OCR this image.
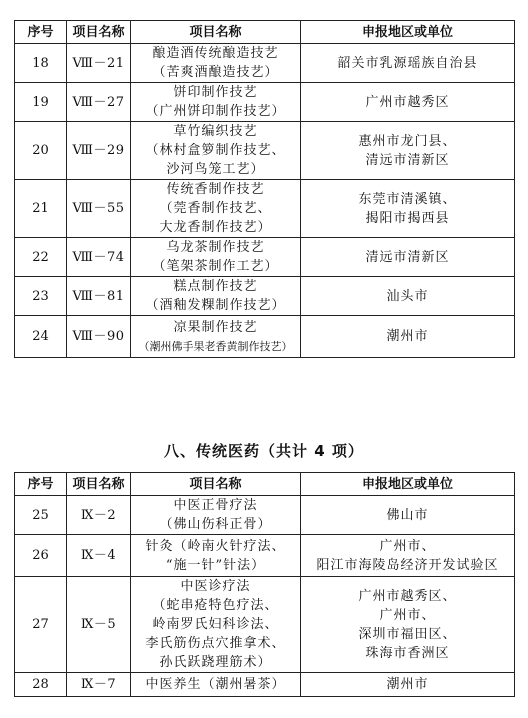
序号	项目名称	项目名称	申报地区或单位
18	Ⅷ－21	酿造酒传统酿造技艺
（苦爽酒酿造技艺）	韶关市乳源瑶族自治县

19	Ⅷ－27	饼印制作技艺
（广州饼印制作技艺）	广州市越秀区

20	Ⅷ－29	草竹编织技艺
（林村盒箩制作技艺、
沙河鸟笼工艺）	惠州市龙门县、
清远市清新区

21	Ⅷ－55	传统香制作技艺
（莞香制作技艺、
大龙香制作技艺）	东莞市清溪镇、
揭阳市揭西县

22	Ⅷ－74	乌龙茶制作技艺
（笔架茶制作工艺）	清远市清新区

23	Ⅷ－81	糕点制作技艺
（酒釉发粿制作技艺）	汕头市

24	Ⅷ－90	凉果制作技艺
（潮州佛手果老香黄制作技艺）	潮州市
八、传统医药（共计 4 项）
序号	项目名称	项目名称	申报地区或单位
25	Ⅸ－2	中医正骨疗法
（佛山伤科正骨）	佛山市

26	Ⅸ－4	针灸（岭南火针疗法、
“施一针”针法）	广州市、
阳江市海陵岛经济开发试验区

27	Ⅸ－5	中医诊疗法
（蛇串疮特色疗法、
岭南罗氏妇科诊法、
李氏筋伤点穴推拿术、
孙氏跃跷理筋术）	广州市越秀区、
广州市、
深圳市福田区、
珠海市香洲区

28	Ⅸ－7	中医养生（潮州暑茶）	潮州市
